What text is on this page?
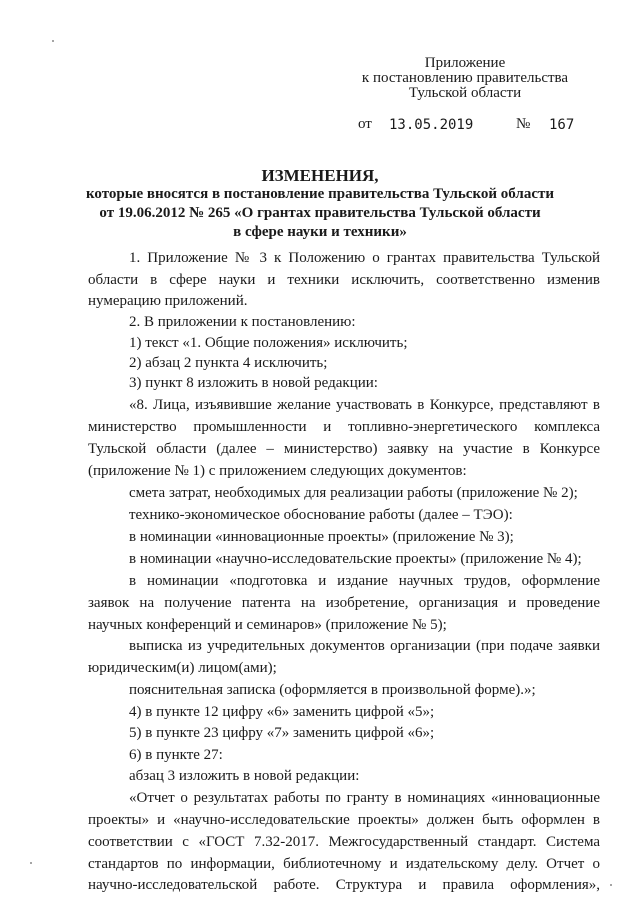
Приложение
к постановлению правительства
Тульской области
от 13.05.2019	№ 167
ИЗМЕНЕНИЯ,
которые вносятся в постановление правительства Тульской области
от 19.06.2012 № 265 «О грантах правительства Тульской области
в сфере науки и техники»
1. Приложение № 3 к Положению о грантах правительства Тульской
области в сфере науки и техники исключить, соответственно изменив
нумерацию приложений.
2. В приложении к постановлению:
1) текст «1. Общие положения» исключить;
2) абзац 2 пункта 4 исключить;
3) пункт 8 изложить в новой редакции:
«8. Лица, изъявившие желание участвовать в Конкурсе, представляют в
министерство промышленности и топливно-энергетического комплекса
Тульской области (далее – министерство) заявку на участие в Конкурсе
(приложение № 1) с приложением следующих документов:
смета затрат, необходимых для реализации работы (приложение № 2);
технико-экономическое обоснование работы (далее – ТЭО):
в номинации «инновационные проекты» (приложение № 3);
в номинации «научно-исследовательские проекты» (приложение № 4);
в номинации «подготовка и издание научных трудов, оформление
заявок на получение патента на изобретение, организация и проведение
научных конференций и семинаров» (приложение № 5);
выписка из учредительных документов организации (при подаче заявки
юридическим(и) лицом(ами);
пояснительная записка (оформляется в произвольной форме).»;
4) в пункте 12 цифру «6» заменить цифрой «5»;
5) в пункте 23 цифру «7» заменить цифрой «6»;
6) в пункте 27:
абзац 3 изложить в новой редакции:
«Отчет о результатах работы по гранту в номинациях «инновационные
проекты» и «научно-исследовательские проекты» должен быть оформлен в
соответствии с «ГОСТ 7.32-2017. Межгосударственный стандарт. Система
стандартов по информации, библиотечному и издательскому делу. Отчет о
научно-исследовательской работе. Структура и правила оформления»,
